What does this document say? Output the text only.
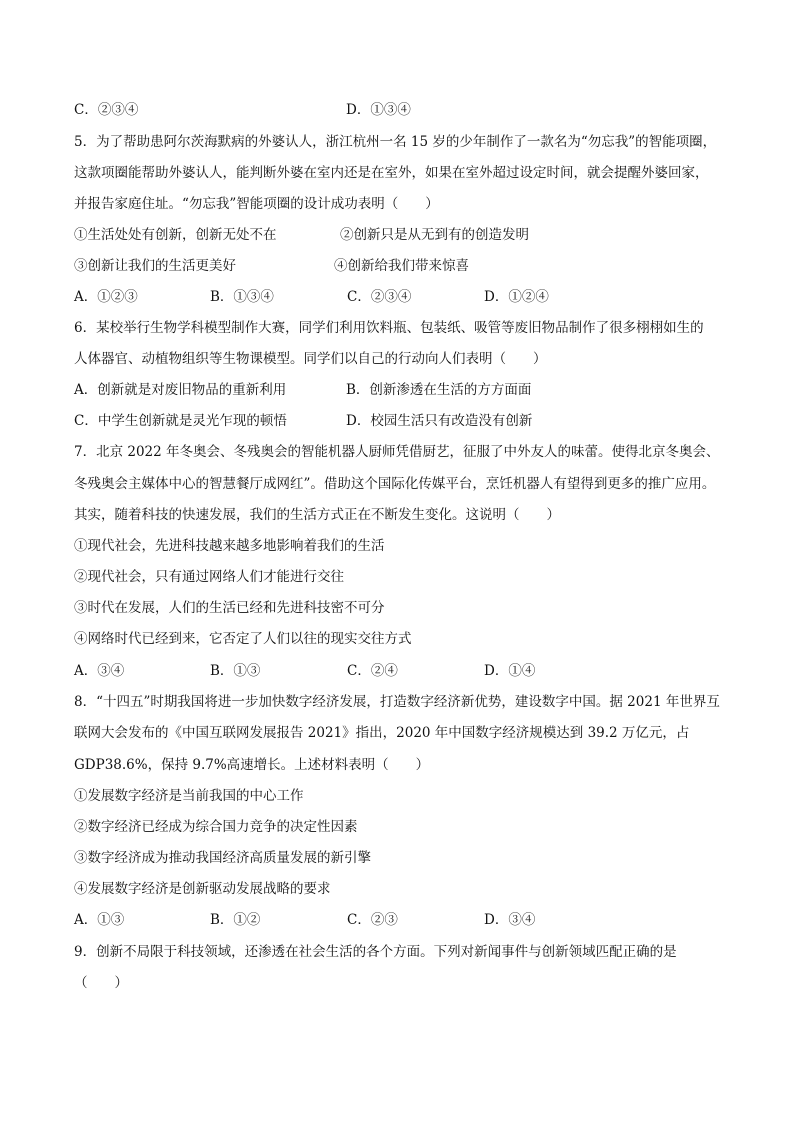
C．②③④	D．①③④
5．为了帮助患阿尔茨海默病的外婆认人，浙江杭州一名 15 岁的少年制作了一款名为“勿忘我”的智能项圈，
这款项圈能帮助外婆认人，能判断外婆在室内还是在室外，如果在室外超过设定时间，就会提醒外婆回家，
并报告家庭住址。“勿忘我”智能项圈的设计成功表明（　　）
①生活处处有创新，创新无处不在	②创新只是从无到有的创造发明
③创新让我们的生活更美好	④创新给我们带来惊喜
A．①②③	B．①③④	C．②③④	D．①②④
6．某校举行生物学科模型制作大赛，同学们利用饮料瓶、包装纸、吸管等废旧物品制作了很多栩栩如生的
人体器官、动植物组织等生物课模型。同学们以自己的行动向人们表明（　　）
A．创新就是对废旧物品的重新利用	B．创新渗透在生活的方方面面
C．中学生创新就是灵光乍现的顿悟	D．校园生活只有改造没有创新
7．北京 2022 年冬奥会、冬残奥会的智能机器人厨师凭借厨艺，征服了中外友人的味蕾。使得北京冬奥会、
冬残奥会主媒体中心的智慧餐厅成网红”。借助这个国际化传媒平台，烹饪机器人有望得到更多的推广应用。
其实，随着科技的快速发展，我们的生活方式正在不断发生变化。这说明（　　）
①现代社会，先进科技越来越多地影响着我们的生活
②现代社会，只有通过网络人们才能进行交往
③时代在发展，人们的生活已经和先进科技密不可分
④网络时代已经到来，它否定了人们以往的现实交往方式
A．③④	B．①③	C．②④	D．①④
8．“十四五”时期我国将进一步加快数字经济发展，打造数字经济新优势，建设数字中国。据 2021 年世界互
联网大会发布的《中国互联网发展报告 2021》指出，2020 年中国数字经济规模达到 39.2 万亿元，占
GDP38.6%，保持 9.7%高速增长。上述材料表明（　　）
①发展数字经济是当前我国的中心工作
②数字经济已经成为综合国力竞争的决定性因素
③数字经济成为推动我国经济高质量发展的新引擎
④发展数字经济是创新驱动发展战略的要求
A．①③	B．①②	C．②③	D．③④
9．创新不局限于科技领域，还渗透在社会生活的各个方面。下列对新闻事件与创新领域匹配正确的是
（　　）
